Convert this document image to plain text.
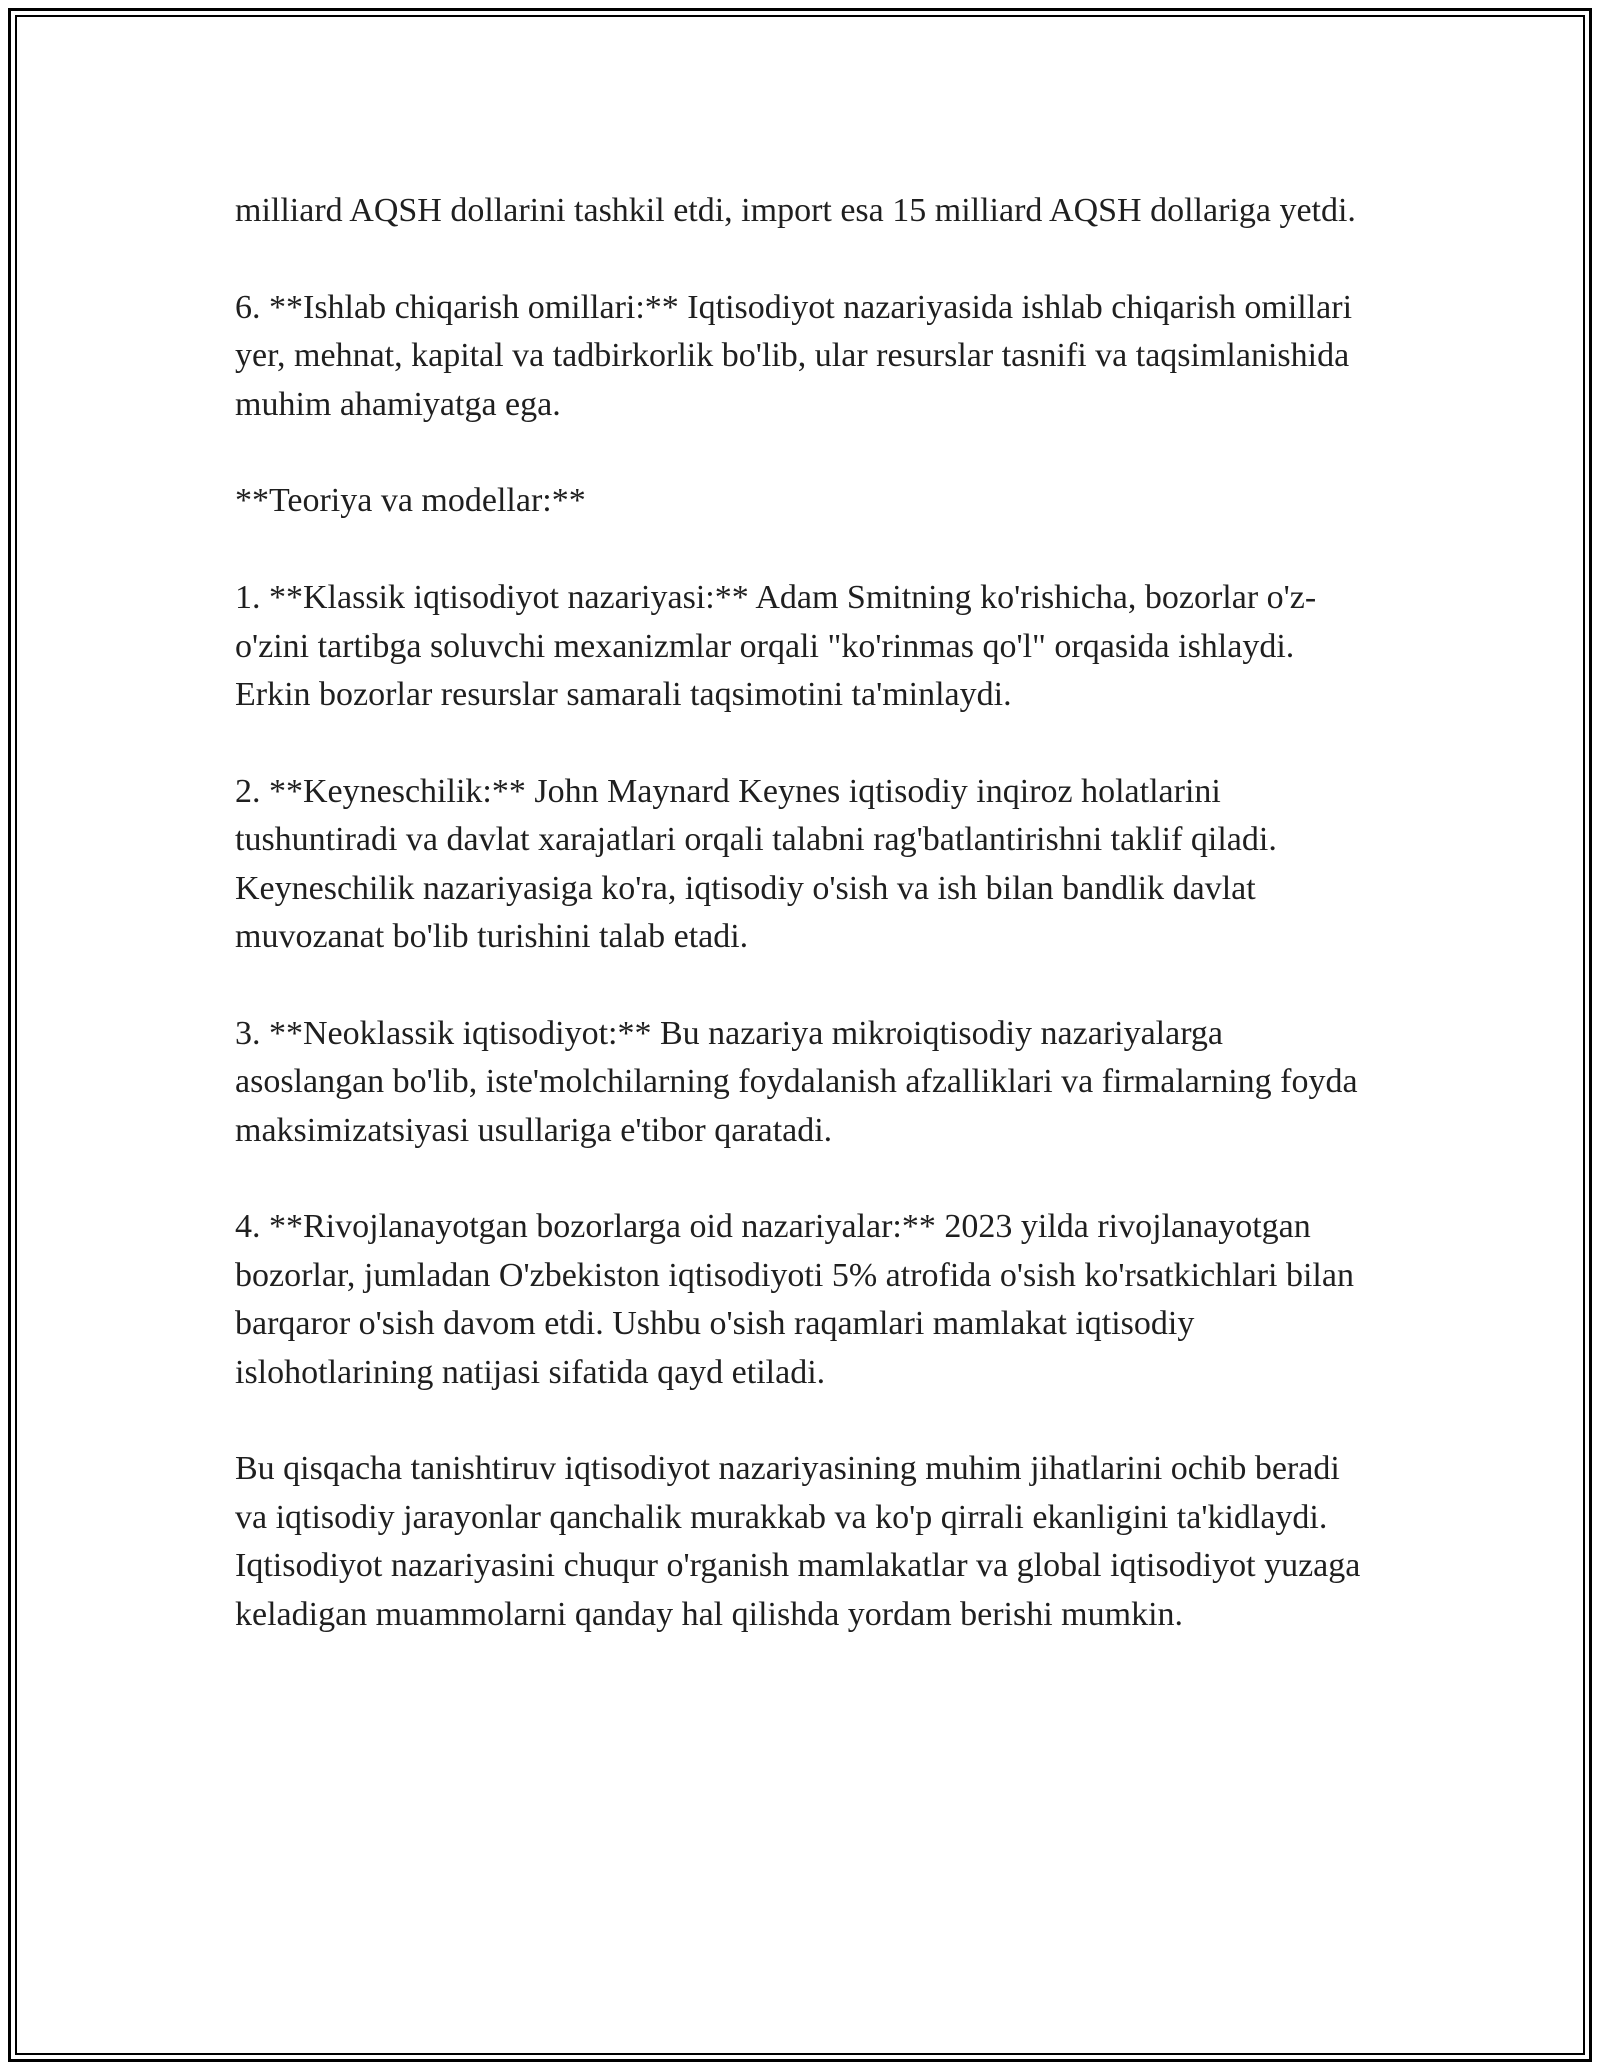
milliard AQSH dollarini tashkil etdi, import esa 15 milliard AQSH dollariga yetdi.

6. **Ishlab chiqarish omillari:** Iqtisodiyot nazariyasida ishlab chiqarish omillari yer, mehnat, kapital va tadbirkorlik bo'lib, ular resurslar tasnifi va taqsimlanishida muhim ahamiyatga ega.

**Teoriya va modellar:**

1. **Klassik iqtisodiyot nazariyasi:** Adam Smitning ko'rishicha, bozorlar o'z-o'zini tartibga soluvchi mexanizmlar orqali "ko'rinmas qo'l" orqasida ishlaydi. Erkin bozorlar resurslar samarali taqsimotini ta'minlaydi.

2. **Keyneschilik:** John Maynard Keynes iqtisodiy inqiroz holatlarini tushuntiradi va davlat xarajatlari orqali talabni rag'batlantirishni taklif qiladi. Keyneschilik nazariyasiga ko'ra, iqtisodiy o'sish va ish bilan bandlik davlat muvozanat bo'lib turishini talab etadi.

3. **Neoklassik iqtisodiyot:** Bu nazariya mikroiqtisodiy nazariyalarga asoslangan bo'lib, iste'molchilarning foydalanish afzalliklari va firmalarning foyda maksimizatsiyasi usullariga e'tibor qaratadi.

4. **Rivojlanayotgan bozorlarga oid nazariyalar:** 2023 yilda rivojlanayotgan bozorlar, jumladan O'zbekiston iqtisodiyoti 5% atrofida o'sish ko'rsatkichlari bilan barqaror o'sish davom etdi. Ushbu o'sish raqamlari mamlakat iqtisodiy islohotlarining natijasi sifatida qayd etiladi.

Bu qisqacha tanishtiruv iqtisodiyot nazariyasining muhim jihatlarini ochib beradi va iqtisodiy jarayonlar qanchalik murakkab va ko'p qirrali ekanligini ta'kidlaydi. Iqtisodiyot nazariyasini chuqur o'rganish mamlakatlar va global iqtisodiyot yuzaga keladigan muammolarni qanday hal qilishda yordam berishi mumkin.
